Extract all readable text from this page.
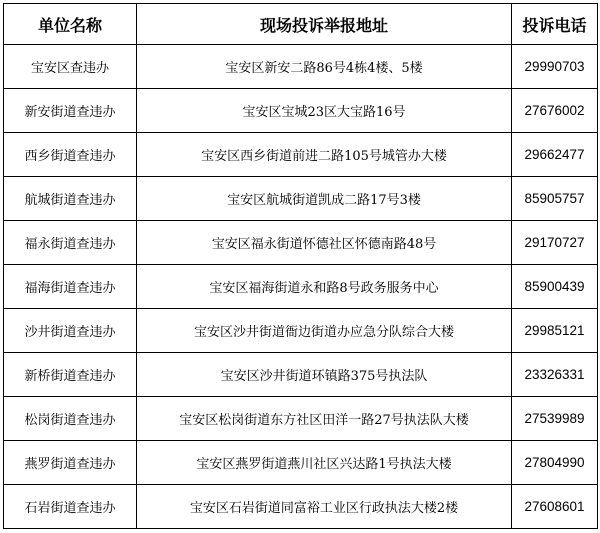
单位名称	现场投诉举报地址	投诉电话
宝安区查违办	宝安区新安二路86号4栋4楼、5楼	29990703
新安街道查违办	宝安区宝城23区大宝路16号	27676002
西乡街道查违办	宝安区西乡街道前进二路105号城管办大楼	29662477
航城街道查违办	宝安区航城街道凯成二路17号3楼	85905757
福永街道查违办	宝安区福永街道怀德社区怀德南路48号	29170727
福海街道查违办	宝安区福海街道永和路8号政务服务中心	85900439
沙井街道查违办	宝安区沙井街道衙边街道办应急分队综合大楼	29985121
新桥街道查违办	宝安区沙井街道环镇路375号执法队	23326331
松岗街道查违办	宝安区松岗街道东方社区田洋一路27号执法队大楼	27539989
燕罗街道查违办	宝安区燕罗街道燕川社区兴达路1号执法大楼	27804990
石岩街道查违办	宝安区石岩街道同富裕工业区行政执法大楼2楼	27608601
